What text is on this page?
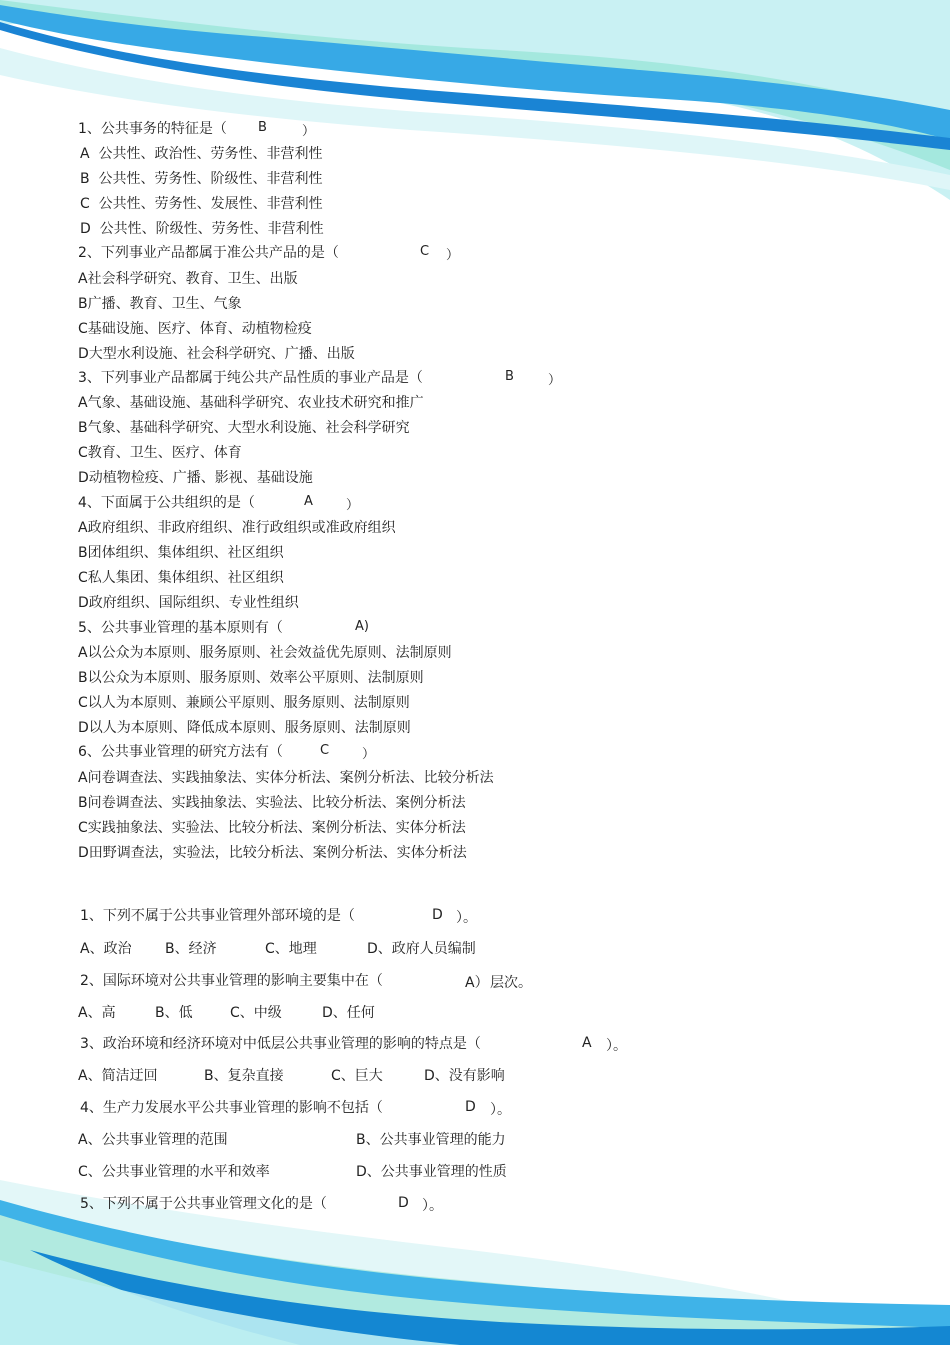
1、公共事务的特征是（ B	）
A  公共性、政治性、劳务性、非营利性
B  公共性、劳务性、阶级性、非营利性
C  公共性、劳务性、发展性、非营利性
D  公共性、阶级性、劳务性、非营利性
2、下列事业产品都属于准公共产品的是（	C ）
A社会科学研究、教育、卫生、出版
B广播、教育、卫生、气象
C基础设施、医疗、体育、动植物检疫
D大型水利设施、社会科学研究、广播、出版
3、下列事业产品都属于纯公共产品性质的事业产品是（	B	）
A气象、基础设施、基础科学研究、农业技术研究和推广
B气象、基础科学研究、大型水利设施、社会科学研究
C教育、卫生、医疗、体育
D动植物检疫、广播、影视、基础设施
4、下面属于公共组织的是（	A	）
A政府组织、非政府组织、准行政组织或准政府组织
B团体组织、集体组织、社区组织
C私人集团、集体组织、社区组织
D政府组织、国际组织、专业性组织
5、公共事业管理的基本原则有（	A)
A以公众为本原则、服务原则、社会效益优先原则、法制原则
B以公众为本原则、服务原则、效率公平原则、法制原则
C以人为本原则、兼顾公平原则、服务原则、法制原则
D以人为本原则、降低成本原则、服务原则、法制原则
6、公共事业管理的研究方法有（	C	）
A问卷调查法、实践抽象法、实体分析法、案例分析法、比较分析法
B问卷调查法、实践抽象法、实验法、比较分析法、案例分析法
C实践抽象法、实验法、比较分析法、案例分析法、实体分析法
D田野调查法，实验法，比较分析法、案例分析法、实体分析法
1、下列不属于公共事业管理外部环境的是（	D ）。
A、政治 B、经济	C、地理	D、政府人员编制
2、国际环境对公共事业管理的影响主要集中在（	A） 层次。
A、高	B、低	C、中级	D、任何
3、政治环境和经济环境对中低层公共事业管理的影响的特点是（	A ）。
A、简洁迂回	B、复杂直接	C、巨大	D、没有影响
4、生产力发展水平公共事业管理的影响不包括（	D ）。
A、公共事业管理的范围	B、公共事业管理的能力
C、公共事业管理的水平和效率	D、公共事业管理的性质
5、下列不属于公共事业管理文化的是（	D ）。
